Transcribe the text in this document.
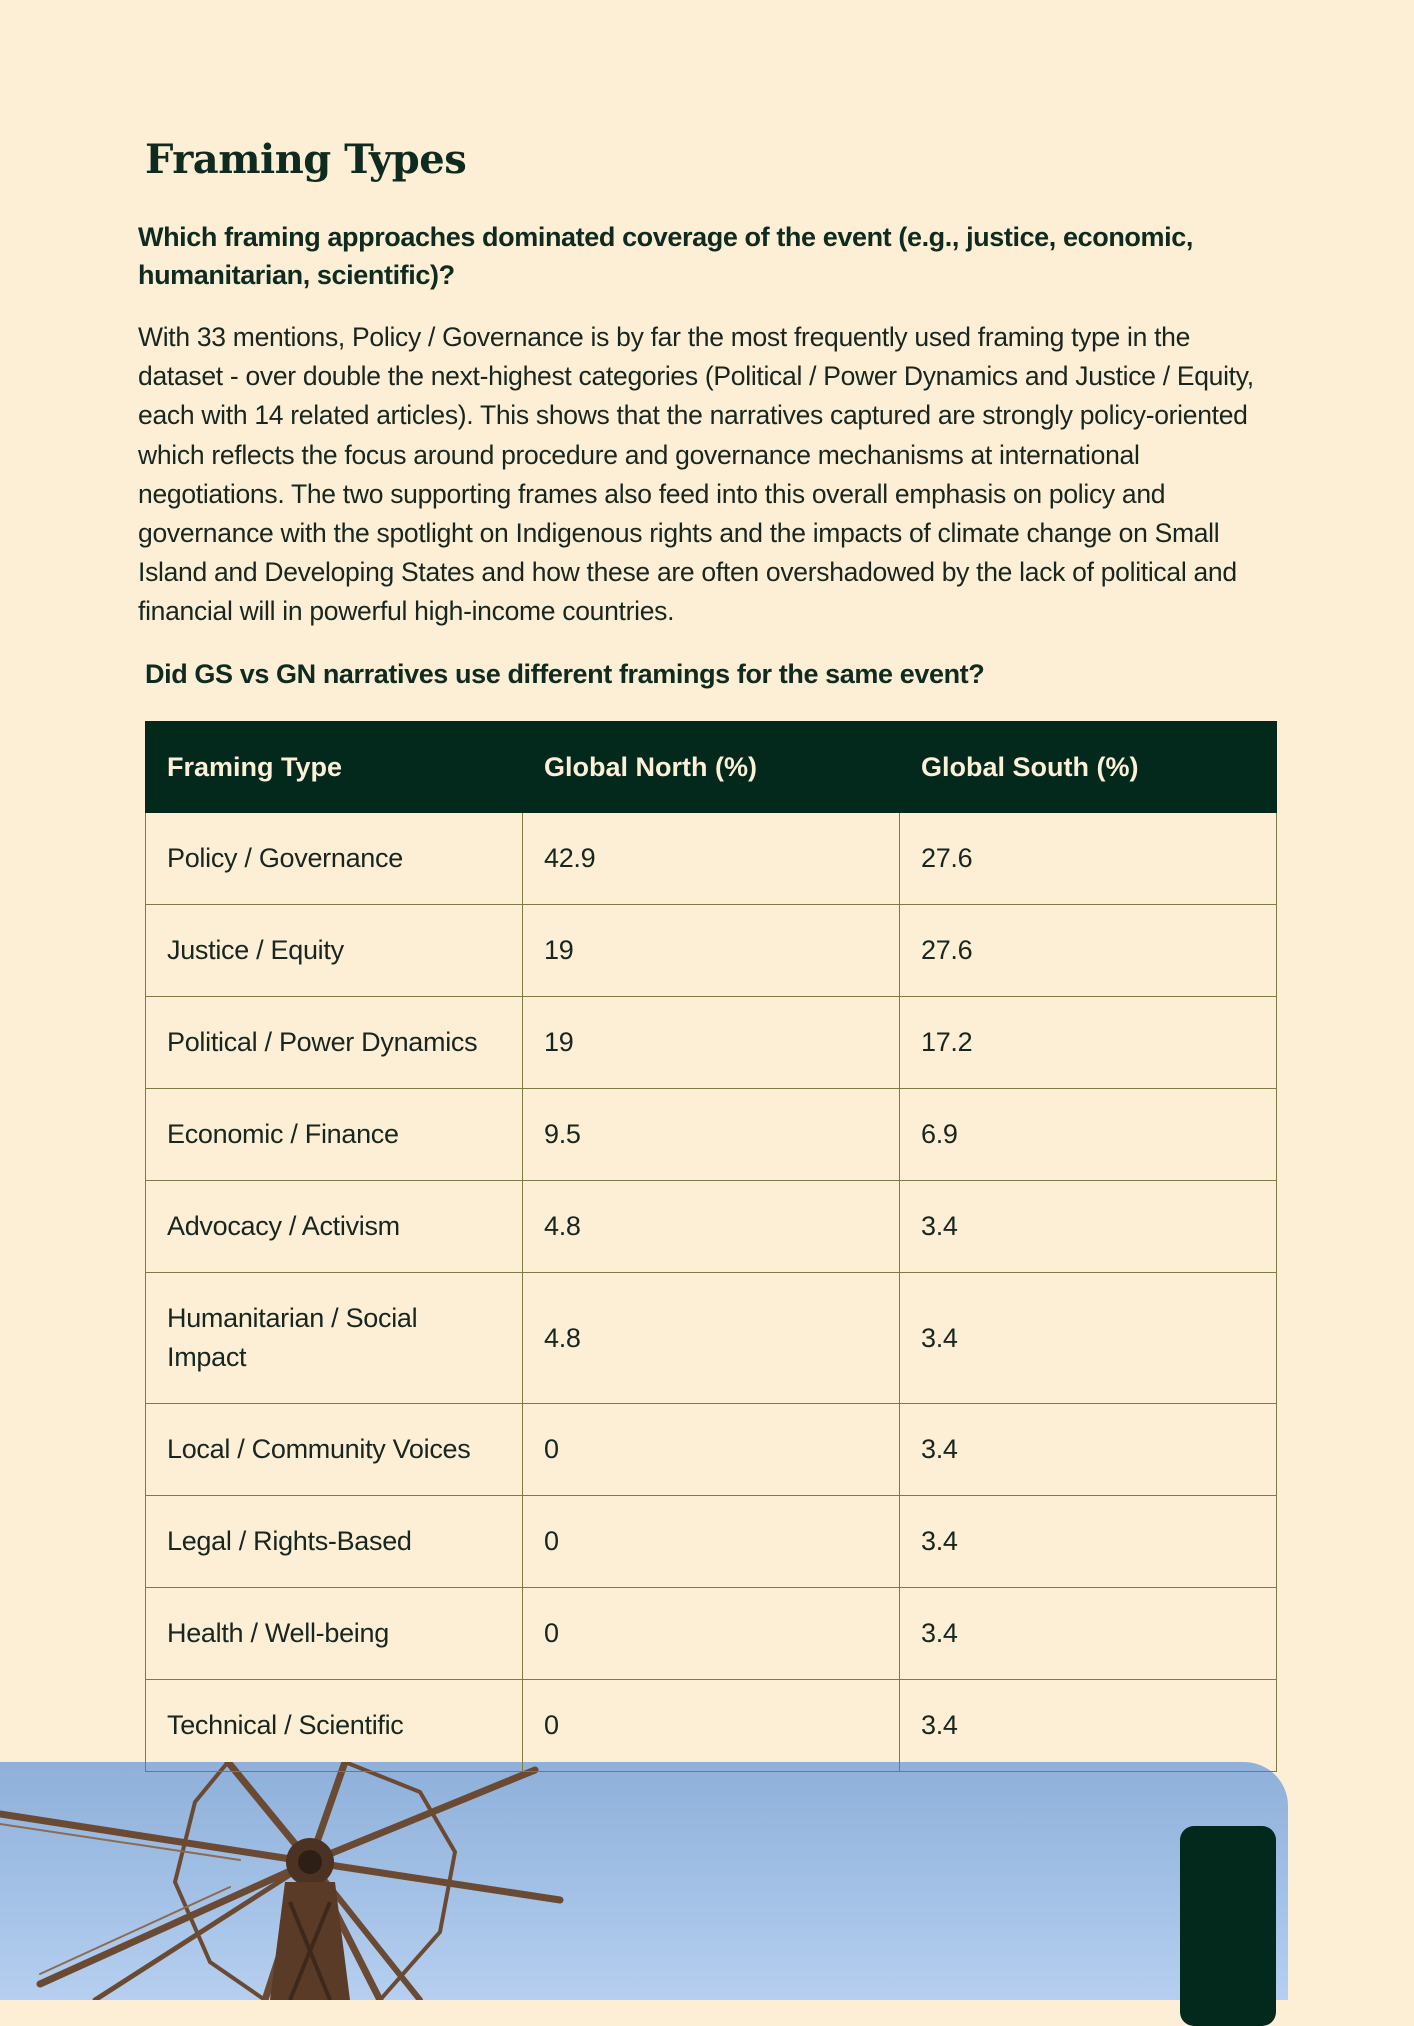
Framing Types

Which framing approaches dominated coverage of the event (e.g., justice, economic, humanitarian, scientific)?

With 33 mentions, Policy / Governance is by far the most frequently used framing type in the dataset - over double the next-highest categories (Political / Power Dynamics and Justice / Equity, each with 14 related articles). This shows that the narratives captured are strongly policy-oriented which reflects the focus around procedure and governance mechanisms at international negotiations. The two supporting frames also feed into this overall emphasis on policy and governance with the spotlight on Indigenous rights and the impacts of climate change on Small Island and Developing States and how these are often overshadowed by the lack of political and financial will in powerful high-income countries.

Did GS vs GN narratives use different framings for the same event?

Framing Type	Global North (%)	Global South (%)
Policy / Governance	42.9	27.6
Justice / Equity	19	27.6
Political / Power Dynamics	19	17.2
Economic / Finance	9.5	6.9
Advocacy / Activism	4.8	3.4
Humanitarian / Social Impact	4.8	3.4
Local / Community Voices	0	3.4
Legal / Rights-Based	0	3.4
Health / Well-being	0	3.4
Technical / Scientific	0	3.4
